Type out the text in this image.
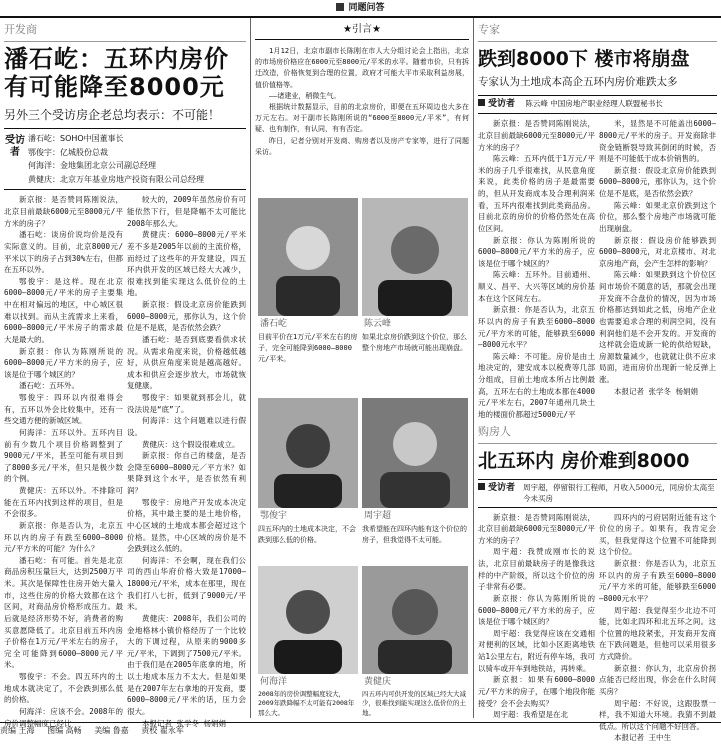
同题问答
开发商
潘石屹：五环内房价
有可能降至8000元
另外三个受访房企老总均表示：不可能！
受访者
潘石屹：SOHO中国董事长
鄂俊宇：亿城股份总裁
何海洋：金地集团北京公司副总经理
黄健庆：北京万年基业房地产投资有限公司总经理

新京报：是否赞同陈刚说法，北京目前最缺6000元至8000元/平方米的房子？

潘石屹：谈房价说均价是没有实际意义的。目前，北京8000元/平米以下的房子占到30%左右，但都在五环以外。

鄂俊宇：是这样。现在北京6000—8000元/平米的房子主要集中在相对偏远的地区，中心城区很难以找到。而从主流需求上来看，6000—8000元/平米房子的需求最大是最大的。

新京报：你认为陈刚所说的6000—8000元/平方米的房子，应该是位于哪个城区的？

潘石屹：五环外。

鄂俊宇：四环以内很难得会有，五环以外会比较集中，还有一些交通方便的新城区域。

何海洋：五环以外。五环内目前有少数几个项目价格调整到了9000元/平米，甚至可能有项目到了8000多元/平米，但只是极少数的个例。

黄健庆：五环以外。不排除可能在五环内找到这样的项目，但是不会很多。

新京报：你是否认为，北京五环以内的房子有跌至6000—8000元/平方米的可能？为什么？

潘石屹：有可能。首先是北京商品房积压量巨大，达到2500万平米。其次是保障性住房开始大量入市，这些住房的价格大致都在这个区间，对商品房价格形成压力。最后就是经济形势不好，消费者的购买意愿降低了。北京目前五环内房子价格在1万元/平米左右的房子，完全可能降到6000—8000元/平米。

鄂俊宇：不会。四五环内的土地成本就决定了，不会跌到那么低的价格。

何海洋：应该不会。2008年的房价调整幅度已经比

较大的，2009年虽然房价有可能依然下行，但是降幅不太可能比2008年那么大。

黄健庆：6000—8000元/平米差不多是2005年以前的主流价格，而经过了这些年的开发建设，四五环内供开发的区域已经大大减少，很难找到能实现这么低价位的土地。

新京报：假设北京房价能跌到6000—8000元，那你认为，这个价位是不是底，是否依然会跌？

潘石屹：是否到底要看供求状况。从需求角度来说，价格越低越好，从供应角度来说是越高越好。成本和供应会逐步放大，市场就恢复健康。

鄂俊宇：如果就到那会儿，就没法说是“底”了。

何海洋：这个问题难以进行假设。

黄健庆：这个假设很难成立。

新京报：你自己的楼盘，是否会降至6000—8000元／平方米？如果降到这个水平，是否依然有利润？

鄂俊宇：房地产开发成本决定价格，其中最主要的是土地价格，中心区域的土地成本都会超过这个价格。显然，中心区域的房价是不会跌到这么低的。

何海洋：不会啊，现在我们公司的西山华府价格大致是17000—18000元/平米，成本在那里，现在我们打八七折，低到了9000元/平米。

黄健庆：2008年，我们公司的金地格林小镇价格经历了一个比较大的下调过程，从原来的9000多元/平米，下调到了7500元/平米。由于我们是在2005年底拿的地，所以土地成本压力不太大。但是如果是在2007年左右拿地的开发商，要6000—8000元/平米的话，压力会很大。

本报记者 张学冬 杨娟娟

★引言★

1月12日，北京市副市长陈刚在市人大分组讨论会上指出，北京的市场房价格应在6000元至8000元/平米的水平。随着市价，只有拆迁改造，价格恢复到合理的位置，政府才可能大平市采取利益房展，值价值格等。

——诸建业，稍微生气。

根据统计数据显示，目前的北京房价，即便在五环周边也大多在万元左右。对于副市长陈刚所说的“6000至8000元/平米”，有何疑、也有制作，有认同，有有否定。

昨日，记者分别对开发商、购房者以及房产专家等，进行了同题采访。

潘石屹	陈云峰
目前平价在1万元/平米左右的房子，完全可能降到6000—8000元/平米。
如果北京房价跌到这个价位，那么整个房地产市场就可能出现崩盘。
鄂俊宇	周宇超
四五环内的土地成本决定，不会跌到那么低的价格。
我希望能在四环内能有这个价位的房子，但我觉得不太可能。
何海洋	黄健庆
2008年的房价调整幅度较大，2009年跌降幅不太可能有2008年那么大。
四五环内可供开发的区域已经大大减少，很难找到能实现这么低价位的土地。
专家
跌到8000下 楼市将崩盘
专家认为土地成本高企五环内房价难跌太多
受访者 陈云峰 中国房地产职业经理人联盟秘书长

新京报：是否赞同陈刚说法，北京目前最缺6000元至8000元/平方米的房子？

陈云峰：五环内低于1万元/平米的房子几乎很难找，从民意角度来说，此类价格的房子是最需要的，但从开发商成本及合理利润来看，五环内很难找到此类商品房。目前北京的房价的价格仍然处在高位区间。

新京报：你认为陈刚所说的6000—8000元/平方米的房子，应该是位于哪个城区的？

陈云峰：五环外。目前通州、顺义、昌平、大兴等区域的房价基本在这个区间左右。

新京报：你是否认为，北京五环以内的房子有跌至6000—8000元/平方米的可能，能够跌至6000—8000元水平？

陈云峰：不可能。房价是由土地决定的，建安成本以税费等几部分组成，目前土地成本所占比例最高，五环左右的土地成本都在4000元/平米左右，2007年通州几块土地的楼面价都超过5000元/平

米，显然是不可能盖出6000—8000元/平米的房子。开发商除非资金链断裂导致其倒闭的时候，否则是不可能低于成本价销售的。

新京报：假设北京房价能跌到6000—8000元，那你认为，这个价位是不是底，是否依然会跌？

陈云峰：如果北京价跌到这个价位，那么整个房地产市场就可能出现崩盘。

新京报：假设房价能够跌到6000—8000元，对北京楼市、对北京房地产商，会产生怎样的影响？

陈云峰：如果跌到这个价位区间市场价不随意的话，那就会出现开发商不合盘价的情况，因为市场价格都达到如此之低，房地产企业也需要追求合理的利润空间，没有利润他们是不会开发的。开发商的这样就会造成新一轮的供给短缺，房源数量减少，也就就让供不应求局面，进而房价出现新一轮反弹上涨。

本报记者 张学冬 杨娟娟

购房人
北五环内 房价难到8000
受访者 周宇超，停留银行工程师，月收入5000元，同房价太高至今未买房

新京报：是否赞同陈刚说法，北京目前最缺6000元至8000元/平方米的房子？

周宇超：我赞成刚市长的说法，北京目前最缺房子的是像我这样的中产阶级，所以这个价位的房子非常有必要。

新京报：你认为陈刚所说的6000—8000元/平方米的房子，应该是位于哪个城区的？

周宇超：我觉得应该在交通相对便利的区域，比如小区距离地铁站1公里左右，附近有停车场，我可以骑车或开车到地铁站，再转乘。

新京报：如果有6000—8000元/平方米的房子，在哪个地段你能接受？会不会去购买？

周宇超：我希望是在北

四环内的弓府居附近能有这个价位的房子。如果有，我肯定会买，但我觉得这个位置不可能降到这个价位。

新京报：你是否认为，北京五环以内的房子有跌至6000—8000元/平方米的可能，能够跌至6000—8000元水平？

周宇超：我觉得至少北边不可能，比如北四环和北五环之间。这个位置的地段紧张，开发商开发商在下跌问题是，但他可以采用很多方式降价。

新京报：你认为，北京房价拐点能否已经出现，你会在什么时间买房？

周宇超：不好说，这跟股票一样，我不知道大环境。我猜不到最低点。所以这个问题不好回答。

本报记者 王中生

责编 王海 图编 高畅 美编 鲁嘉 责校 翟永军
